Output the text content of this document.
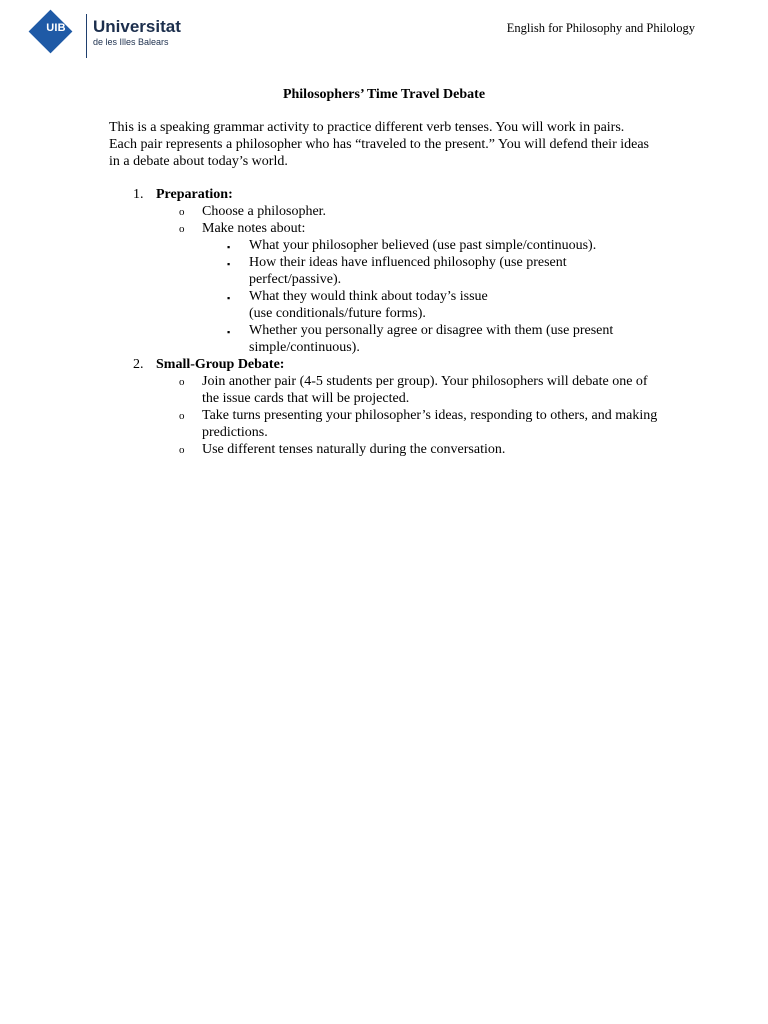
UIB	Universitat
de les Illes Balears
English for Philosophy and Philology
Philosophers’ Time Travel Debate
This is a speaking grammar activity to practice different verb tenses. You will work in pairs. Each pair represents a philosopher who has “traveled to the present.” You will defend their ideas in a debate about today’s world.
1. Preparation:
o Choose a philosopher.
o Make notes about:
▪ What your philosopher believed (use past simple/continuous).
▪ How their ideas have influenced philosophy (use present perfect/passive).
▪ What they would think about today’s issue
(use conditionals/future forms).
▪ Whether you personally agree or disagree with them (use present simple/continuous).
2. Small-Group Debate:
o Join another pair (4-5 students per group). Your philosophers will debate one of the issue cards that will be projected.
o Take turns presenting your philosopher’s ideas, responding to others, and making predictions.
o Use different tenses naturally during the conversation.
